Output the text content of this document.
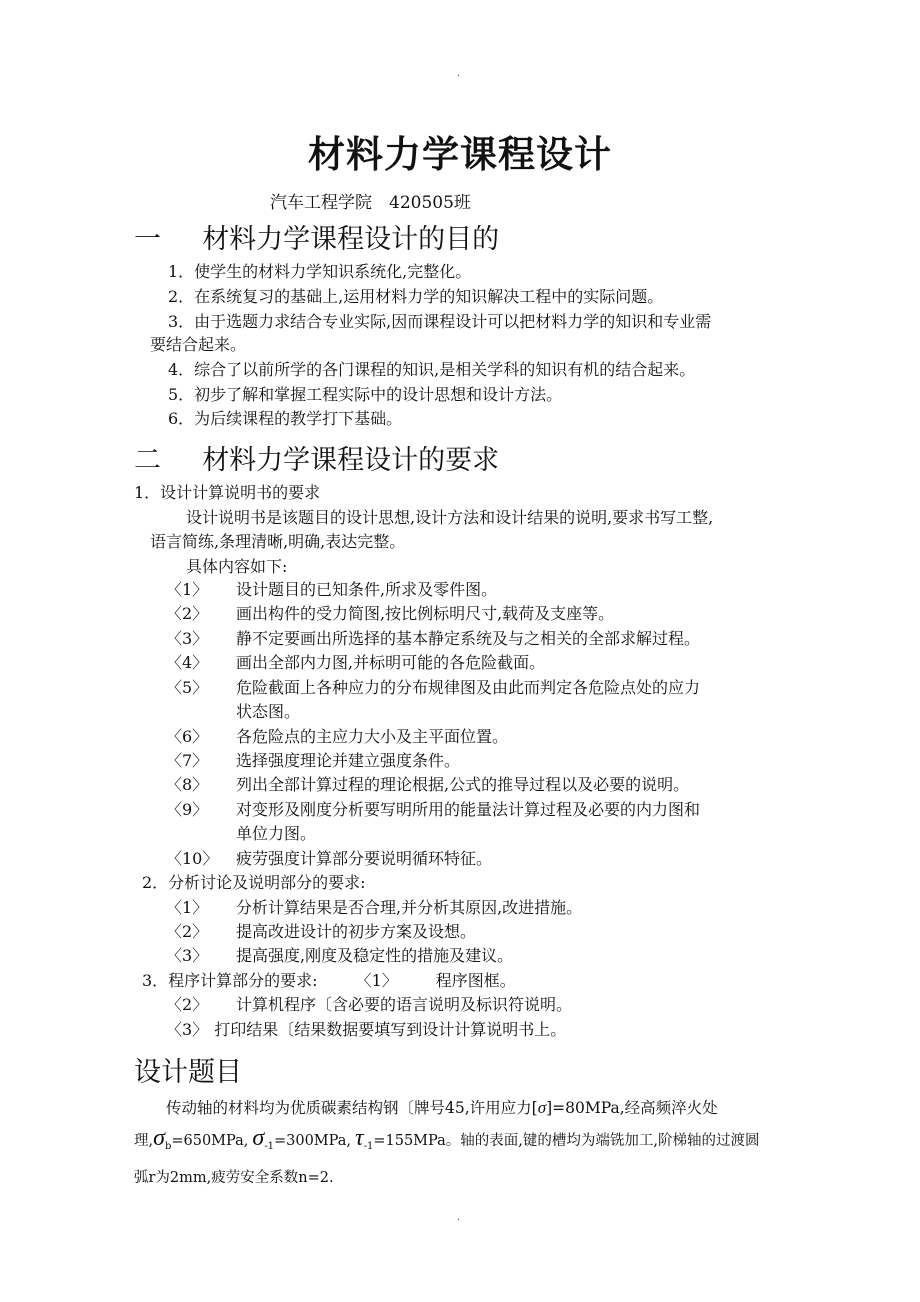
.
材料力学课程设计
汽车工程学院　420505班
一 材料力学课程设计的目的
1．使学生的材料力学知识系统化,完整化。
2．在系统复习的基础上,运用材料力学的知识解决工程中的实际问题。
3．由于选题力求结合专业实际,因而课程设计可以把材料力学的知识和专业需
要结合起来。
4．综合了以前所学的各门课程的知识,是相关学科的知识有机的结合起来。
5．初步了解和掌握工程实际中的设计思想和设计方法。
6．为后续课程的教学打下基础。
二 材料力学课程设计的要求
1．设计计算说明书的要求
设计说明书是该题目的设计思想,设计方法和设计结果的说明,要求书写工整,
语言简练,条理清晰,明确,表达完整。
具体内容如下:
〈1〉 设计题目的已知条件,所求及零件图。
〈2〉 画出构件的受力简图,按比例标明尺寸,载荷及支座等。
〈3〉 静不定要画出所选择的基本静定系统及与之相关的全部求解过程。
〈4〉 画出全部内力图,并标明可能的各危险截面。
〈5〉 危险截面上各种应力的分布规律图及由此而判定各危险点处的应力
状态图。
〈6〉 各危险点的主应力大小及主平面位置。
〈7〉 选择强度理论并建立强度条件。
〈8〉 列出全部计算过程的理论根据,公式的推导过程以及必要的说明。
〈9〉 对变形及刚度分析要写明所用的能量法计算过程及必要的内力图和
单位力图。
〈10〉 疲劳强度计算部分要说明循环特征。
2．分析讨论及说明部分的要求:
〈1〉 分析计算结果是否合理,并分析其原因,改进措施。
〈2〉 提高改进设计的初步方案及设想。
〈3〉 提高强度,刚度及稳定性的措施及建议。
3．程序计算部分的要求: 〈1〉 程序图框。
〈2〉 计算机程序〔含必要的语言说明及标识符说明。
〈3〉 打印结果〔结果数据要填写到设计计算说明书上。
设计题目
传动轴的材料均为优质碳素结构钢〔牌号45,许用应力[σ]=80MPa,经高频淬火处
理$,\sigma_b=650MPa$, $\sigma_{-1}=300MPa$, $\tau_{-1}=155MPa$。轴的表面,键的槽均为端铣加工,阶梯轴的过渡圆
弧r为2mm,疲劳安全系数n=2.
.
